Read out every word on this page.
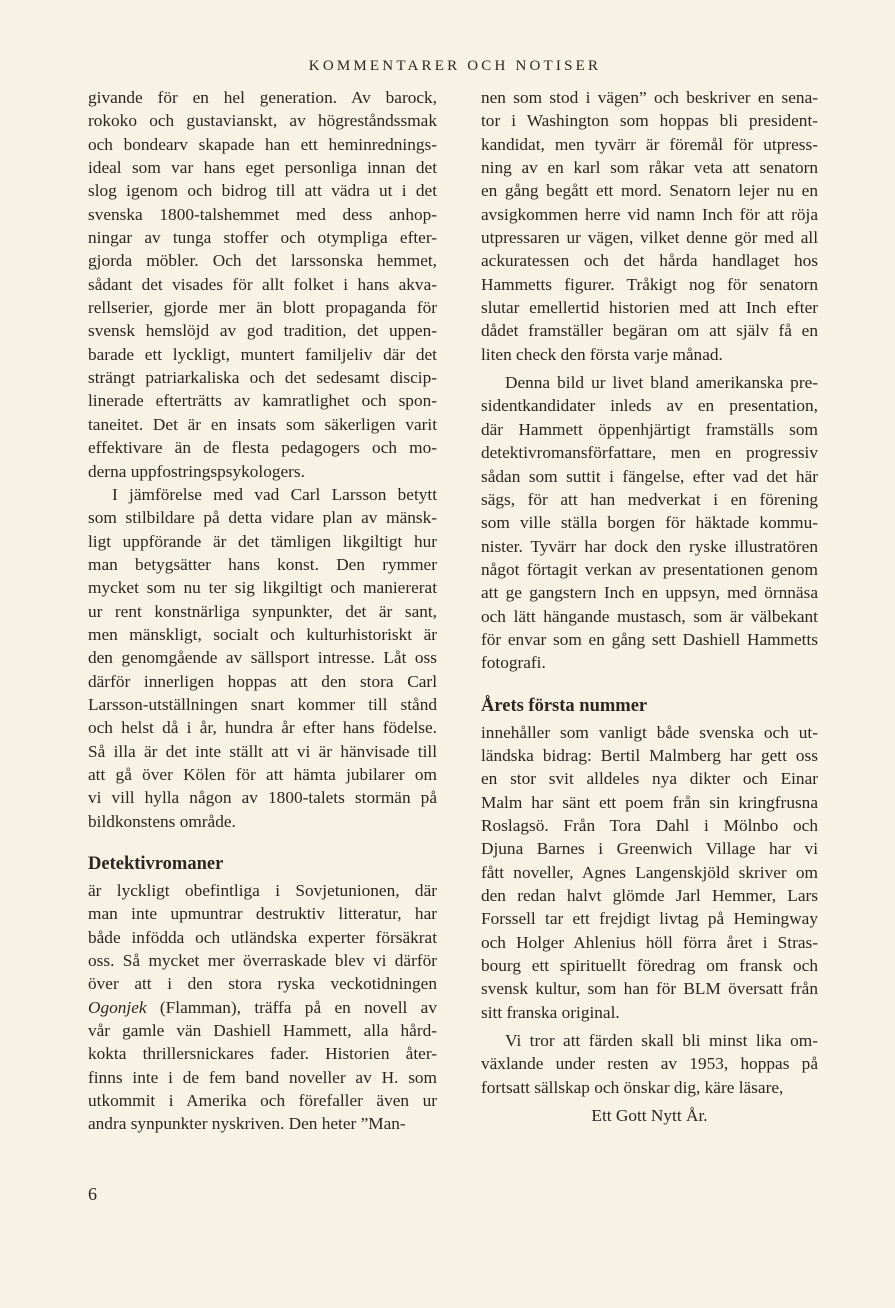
KOMMENTARER OCH NOTISER
givande för en hel generation. Av barock,
rokoko och gustavianskt, av högreståndssmak
och bondearv skapade han ett heminrednings-
ideal som var hans eget personliga innan det
slog igenom och bidrog till att vädra ut i det
svenska 1800-talshemmet med dess anhop-
ningar av tunga stoffer och otympliga efter-
gjorda möbler. Och det larssonska hemmet,
sådant det visades för allt folket i hans akva-
rellserier, gjorde mer än blott propaganda för
svensk hemslöjd av god tradition, det uppen-
barade ett lyckligt, muntert familjeliv där det
strängt patriarkaliska och det sedesamt discip-
linerade efterträtts av kamratlighet och spon-
taneitet. Det är en insats som säkerligen varit
effektivare än de flesta pedagogers och mo-
derna uppfostringspsykologers.
I jämförelse med vad Carl Larsson betytt
som stilbildare på detta vidare plan av mänsk-
ligt uppförande är det tämligen likgiltigt hur
man betygsätter hans konst. Den rymmer
mycket som nu ter sig likgiltigt och maniererat
ur rent konstnärliga synpunkter, det är sant,
men mänskligt, socialt och kulturhistoriskt är
den genomgående av sällsport intresse. Låt oss
därför innerligen hoppas att den stora Carl
Larsson-utställningen snart kommer till stånd
och helst då i år, hundra år efter hans födelse.
Så illa är det inte ställt att vi är hänvisade till
att gå över Kölen för att hämta jubilarer om
vi vill hylla någon av 1800-talets stormän på
bildkonstens område.
Detektivromaner
är lyckligt obefintliga i Sovjetunionen, där
man inte upmuntrar destruktiv litteratur, har
både infödda och utländska experter försäkrat
oss. Så mycket mer överraskade blev vi därför
över att i den stora ryska veckotidningen
Ogonjek (Flamman), träffa på en novell av
vår gamle vän Dashiell Hammett, alla hård-
kokta thrillersnickares fader. Historien åter-
finns inte i de fem band noveller av H. som
utkommit i Amerika och förefaller även ur
andra synpunkter nyskriven. Den heter ”Man-
nen som stod i vägen” och beskriver en sena-
tor i Washington som hoppas bli president-
kandidat, men tyvärr är föremål för utpress-
ning av en karl som råkar veta att senatorn
en gång begått ett mord. Senatorn lejer nu en
avsigkommen herre vid namn Inch för att röja
utpressaren ur vägen, vilket denne gör med all
ackuratessen och det hårda handlaget hos
Hammetts figurer. Tråkigt nog för senatorn
slutar emellertid historien med att Inch efter
dådet framställer begäran om att själv få en
liten check den första varje månad.
Denna bild ur livet bland amerikanska pre-
sidentkandidater inleds av en presentation,
där Hammett öppenhjärtigt framställs som
detektivromansförfattare, men en progressiv
sådan som suttit i fängelse, efter vad det här
sägs, för att han medverkat i en förening
som ville ställa borgen för häktade kommu-
nister. Tyvärr har dock den ryske illustratören
något förtagit verkan av presentationen genom
att ge gangstern Inch en uppsyn, med örnnäsa
och lätt hängande mustasch, som är välbekant
för envar som en gång sett Dashiell Hammetts
fotografi.
Årets första nummer
innehåller som vanligt både svenska och ut-
ländska bidrag: Bertil Malmberg har gett oss
en stor svit alldeles nya dikter och Einar
Malm har sänt ett poem från sin kringfrusna
Roslagsö. Från Tora Dahl i Mölnbo och
Djuna Barnes i Greenwich Village har vi
fått noveller, Agnes Langenskjöld skriver om
den redan halvt glömde Jarl Hemmer, Lars
Forssell tar ett frejdigt livtag på Hemingway
och Holger Ahlenius höll förra året i Stras-
bourg ett spirituellt föredrag om fransk och
svensk kultur, som han för BLM översatt från
sitt franska original.
Vi tror att färden skall bli minst lika om-
växlande under resten av 1953, hoppas på
fortsatt sällskap och önskar dig, käre läsare,
Ett Gott Nytt År.
6
